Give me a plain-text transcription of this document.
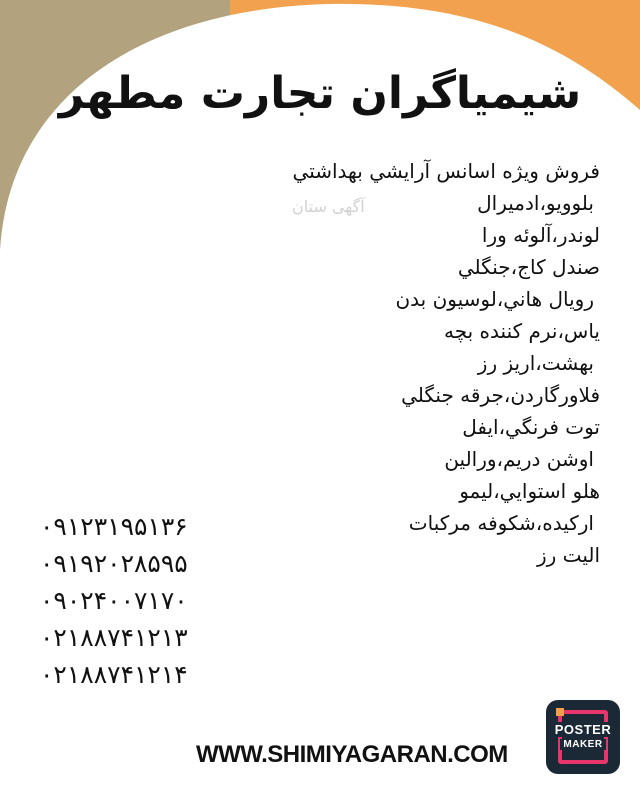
شيمياگران تجارت مطهر
فروش ويژه اسانس آرايشي بهداشتي
بلوويو،ادميرال
لوندر،آلوئه ورا
صندل كاج،جنگلي
رويال هاني،لوسيون بدن
ياس،نرم كننده بچه
بهشت،اريز رز
فلاورگاردن،جرقه جنگلي
توت فرنگي،ايفل
اوشن دريم،ورالين
هلو استوايي،ليمو
اركيده،شكوفه مركبات
اليت رز
آگهی ستان
۰۹۱۲۳۱۹۵۱۳۶
۰۹۱۹۲۰۲۸۵۹۵
۰۹۰۲۴۰۰۷۱۷۰
۰۲۱۸۸۷۴۱۲۱۳
۰۲۱۸۸۷۴۱۲۱۴
WWW.SHIMIYAGARAN.COM
POSTER
MAKER
